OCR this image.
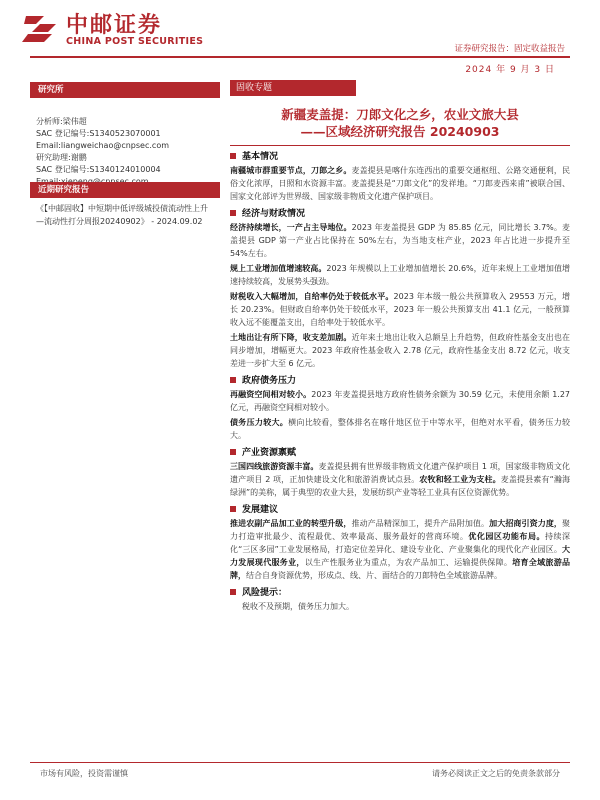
中邮证券
CHINA POST SECURITIES
证券研究报告：固定收益报告
2024 年 9 月 3 日
研究所
分析师:梁伟超
SAC 登记编号:S1340523070001
Email:liangweichao@cnpsec.com
研究助理:谢鹏
SAC 登记编号:S1340124010004
近期研究报告
《【中邮固收】中短期中低评级城投债流动性上升—流动性打分周报20240902》 - 2024.09.02
固收专题
新疆麦盖提：刀郎文化之乡，农业文旅大县
——区域经济研究报告 20240903
基本情况

南疆城市群重要节点，刀郎之乡。麦盖提县是喀什东连西出的重要交通枢纽、公路交通便利，民俗文化浓厚，日照和水资源丰富。麦盖提县是“刀郎文化”的发祥地。“刀郎麦西来甫”被联合国、国家文化部评为世界级、国家级非物质文化遗产保护项目。

经济与财政情况

经济持续增长，一产占主导地位。2023 年麦盖提县 GDP 为 85.85 亿元，同比增长 3.7%。麦盖提县 GDP 第一产业占比保持在 50%左右，为当地支柱产业，2023 年占比进一步提升至 54%左右。

规上工业增加值增速较高。2023 年规模以上工业增加值增长 20.6%，近年来规上工业增加值增速持续较高，发展势头强劲。

财税收入大幅增加，自给率仍处于较低水平。2023 年本级一般公共预算收入 29553 万元，增长 20.23%。但财政自给率仍处于较低水平，2023 年一般公共预算支出 41.1 亿元，一般预算收入远不能覆盖支出，自给率处于较低水平。

土地出让有所下降，收支差加剧。近年来土地出让收入总额呈上升趋势，但政府性基金支出也在同步增加，增幅更大。2023 年政府性基金收入 2.78 亿元，政府性基金支出 8.72 亿元，收支差进一步扩大至 6 亿元。

政府债务压力

再融资空间相对较小。2023 年麦盖提县地方政府性债务余额为 30.59 亿元，未使用余额 1.27 亿元，再融资空间相对较小。

债务压力较大。横向比较看，整体排名在喀什地区位于中等水平，但绝对水平看，债务压力较大。

产业资源禀赋

三国四线旅游资源丰富。麦盖提县拥有世界级非物质文化遗产保护项目 1 项，国家级非物质文化遗产项目 2 项，正加快建设文化和旅游消费试点县。农牧和轻工业为支柱。麦盖提县素有“瀚海绿洲”的美称，属于典型的农业大县，发展纺织产业等轻工业具有区位资源优势。

发展建议

推进农副产品加工业的转型升级，推动产品精深加工，提升产品附加值。加大招商引资力度，聚力打造审批最少、流程最优、效率最高、服务最好的营商环境。优化园区功能布局。持续深化“三区多园”工业发展格局，打造定位差异化、建设专业化、产业聚集化的现代化产业园区。大力发展现代服务业，以生产性服务业为重点，为农产品加工、运输提供保障。培育全域旅游品牌，结合自身资源优势，形成点、线、片、面结合的刀郎特色全域旅游品牌。

风险提示：

税收不及预期，债务压力加大。

市场有风险，投资需谨慎	请务必阅读正文之后的免责条款部分
